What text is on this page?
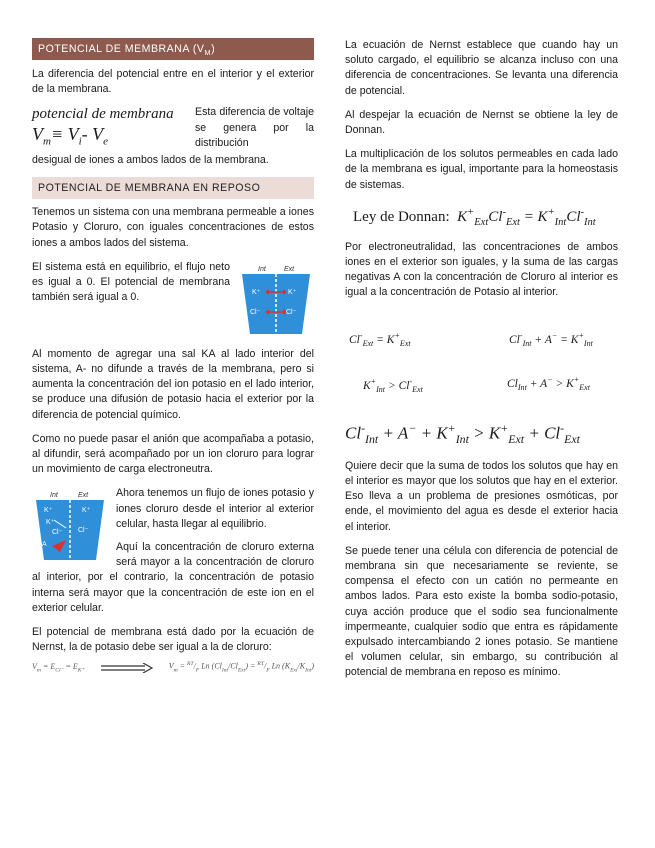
POTENCIAL DE MEMBRANA $(V_M)$

La diferencia del potencial entre en el interior y el exterior de la membrana.

potencial de membrana
$V_m\equiv V_i-$ $V_e$

Esta diferencia de voltaje se genera por la distribución

desigual de iones a ambos lados de la membrana.

POTENCIAL DE MEMBRANA EN REPOSO

Tenemos un sistema con una membrana permeable a iones Potasio y Cloruro, con iguales concentraciones de estos iones a ambos lados del sistema.

Int	Ext
K⁺	K⁺
Cl⁻	Cl⁻

El sistema está en equilibrio, el flujo neto es igual a 0. El potencial de membrana también será igual a 0.

Al momento de agregar una sal KA al lado interior del sistema, A- no difunde a través de la membrana, pero si aumenta la concentración del ion potasio en el lado interior, se produce una difusión de potasio hacia el exterior por la diferencia de potencial químico.

Como no puede pasar el anión que acompañaba a potasio, al difundir, será acompañado por un ion cloruro para lograr un movimiento de carga electroneutra.

Int	Ext
K⁺	K⁺
K⁺
Cl⁻ Cl⁻
A

Ahora tenemos un flujo de iones potasio y iones cloruro desde el interior al exterior celular, hasta llegar al equilibrio.

Aquí la concentración de cloruro externa será mayor a la concentración de cloruro al interior, por el contrario, la concentración de potasio interna será mayor que la concentración de este ion en el exterior celular.

El potencial de membrana está dado por la ecuación de Nernst, la de potasio debe ser igual a la de cloruro:

$V_m = E_{Cl^-} = E_{K^+}$	$V_m = ^{RT}/_F$ Ln $(Cl_{Int}/Cl_{Ext}) = ^{RT}/_F$ Ln $(K_{Ext}/K_{Int})$

La ecuación de Nernst establece que cuando hay un soluto cargado, el equilibrio se alcanza incluso con una diferencia de concentraciones. Se levanta una diferencia de potencial.

Al despejar la ecuación de Nernst se obtiene la ley de Donnan.

La multiplicación de los solutos permeables en cada lado de la membrana es igual, importante para la homeostasis de sistemas.

Ley de Donnan:  $K^+_{Ext}Cl^-_{Ext} = K^+_{Int}Cl^-_{Int}$

Por electroneutralidad, las concentraciones de ambos iones en el exterior son iguales, y la suma de las cargas negativas A con la concentración de Cloruro al interior es igual a la concentración de Potasio al interior.

$Cl^-_{Ext} = K^+_{Ext}$	$Cl^-_{Int} + A^- = K^+_{Int}$
$K^+_{Int} > Cl^-_{Ext}$	$Cl_{Int} + A^- > K^+_{Ext}$
$Cl^-_{Int} + A^- + K^+_{Int} > K^+_{Ext} + Cl^-_{Ext}$

Quiere decir que la suma de todos los solutos que hay en el interior es mayor que los solutos que hay en el exterior. Eso lleva a un problema de presiones osmóticas, por ende, el movimiento del agua es desde el exterior hacia el interior.

Se puede tener una célula con diferencia de potencial de membrana sin que necesariamente se reviente, se compensa el efecto con un catión no permeante en ambos lados. Para esto existe la bomba sodio-potasio, cuya acción produce que el sodio sea funcionalmente impermeante, cualquier sodio que entra es rápidamente expulsado intercambiando 2 iones potasio. Se mantiene el volumen celular, sin embargo, su contribución al potencial de membrana en reposo es mínimo.
